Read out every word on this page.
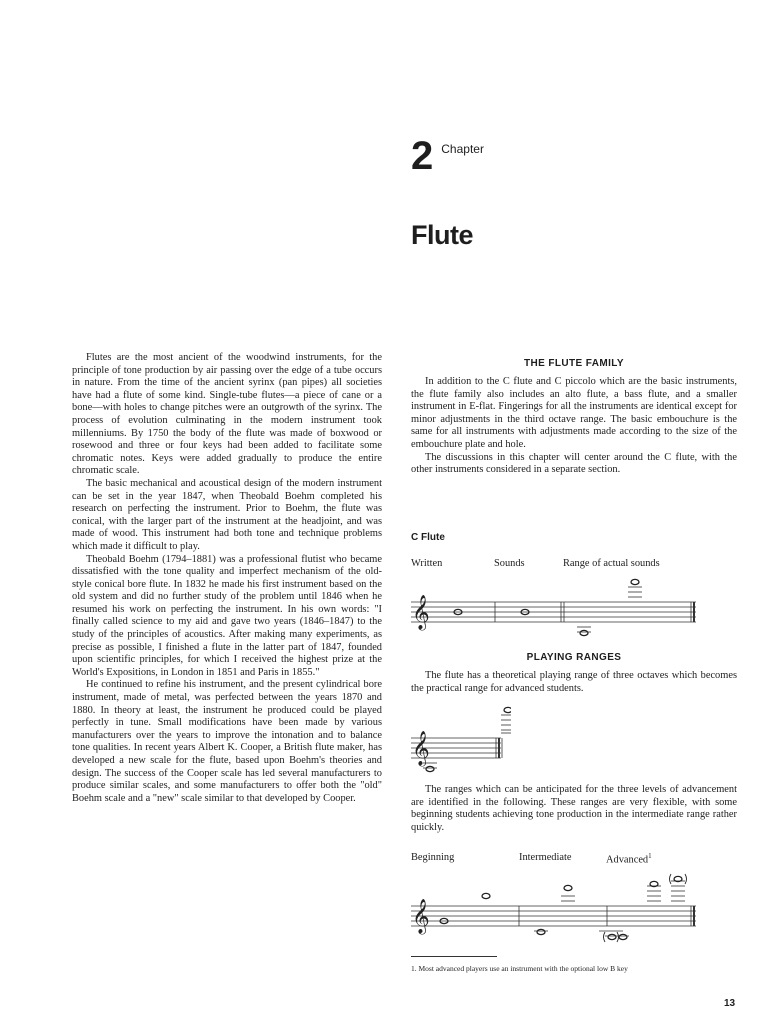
2 Chapter
Flute

Flutes are the most ancient of the woodwind instruments, for the principle of tone production by air passing over the edge of a tube occurs in nature. From the time of the ancient syrinx (pan pipes) all societies have had a flute of some kind. Single-tube flutes—a piece of cane or a bone—with holes to change pitches were an outgrowth of the syrinx. The process of evolution culminating in the modern instrument took millenniums. By 1750 the body of the flute was made of boxwood or rosewood and three or four keys had been added to facilitate some chromatic notes. Keys were added gradually to produce the entire chromatic scale.

The basic mechanical and acoustical design of the modern instrument can be set in the year 1847, when Theobald Boehm completed his research on perfecting the instrument. Prior to Boehm, the flute was conical, with the larger part of the instrument at the headjoint, and was made of wood. This instrument had both tone and technique problems which made it difficult to play.

Theobald Boehm (1794–1881) was a professional flutist who became dissatisfied with the tone quality and imperfect mechanism of the old-style conical bore flute. In 1832 he made his first instrument based on the old system and did no further study of the problem until 1846 when he resumed his work on perfecting the instrument. In his own words: "I finally called science to my aid and gave two years (1846–1847) to the study of the principles of acoustics. After making many experiments, as precise as possible, I finished a flute in the latter part of 1847, founded upon scientific principles, for which I received the highest prize at the World's Expositions, in London in 1851 and Paris in 1855."

He continued to refine his instrument, and the present cylindrical bore instrument, made of metal, was perfected between the years 1870 and 1880. In theory at least, the instrument he produced could be played perfectly in tune. Small modifications have been made by various manufacturers over the years to improve the intonation and to balance tone qualities. In recent years Albert K. Cooper, a British flute maker, has developed a new scale for the flute, based upon Boehm's theories and design. The success of the Cooper scale has led several manufacturers to produce similar scales, and some manufacturers to offer both the "old" Boehm scale and a "new" scale similar to that developed by Cooper.

THE FLUTE FAMILY

In addition to the C flute and C piccolo which are the basic instruments, the flute family also includes an alto flute, a bass flute, and a smaller instrument in E-flat. Fingerings for all the instruments are identical except for minor adjustments in the third octave range. The basic embouchure is the same for all instruments with adjustments made according to the size of the embouchure plate and hole.

The discussions in this chapter will center around the C flute, with the other instruments considered in a separate section.

C Flute
Written	Sounds	Range of actual sounds
𝄞
PLAYING RANGES

The flute has a theoretical playing range of three octaves which becomes the practical range for advanced students.

𝄞

The ranges which can be anticipated for the three levels of advancement are identified in the following. These ranges are very flexible, with some beginning students achieving tone production in the intermediate range rather quickly.

Beginning	Intermediate	Advanced$^1$
𝄞
1. Most advanced players use an instrument with the optional low B key
13
